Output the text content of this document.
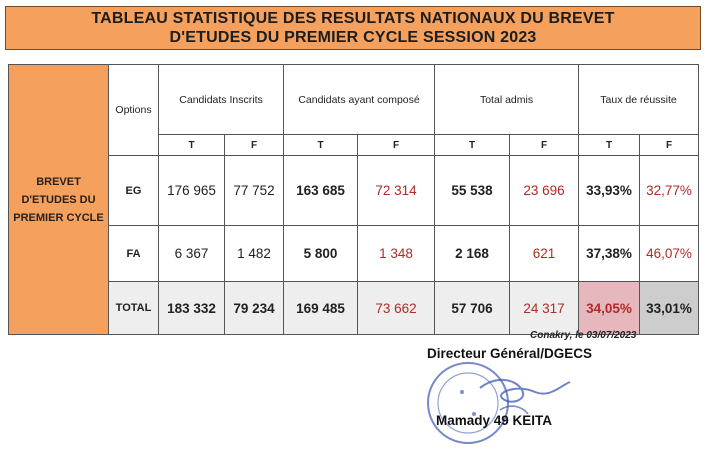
TABLEAU STATISTIQUE DES RESULTATS NATIONAUX DU BREVET
D'ETUDES DU PREMIER CYCLE SESSION 2023
BREVET D'ETUDES DU PREMIER CYCLE	Options	Candidats Inscrits		Candidats ayant composé		Total admis		Taux de réussite	
		T	F	T	F	T	F	T	F
	EG	176 965	77 752	163 685	72 314	55 538	23 696	33,93%	32,77%
	FA	6 367	1 482	5 800	1 348	2 168	621	37,38%	46,07%
	TOTAL	183 332	79 234	169 485	73 662	57 706	24 317	34,05%	33,01%
Conakry, le 03/07/2023
Directeur Général/DGECS
Mamady 49 KEITA
